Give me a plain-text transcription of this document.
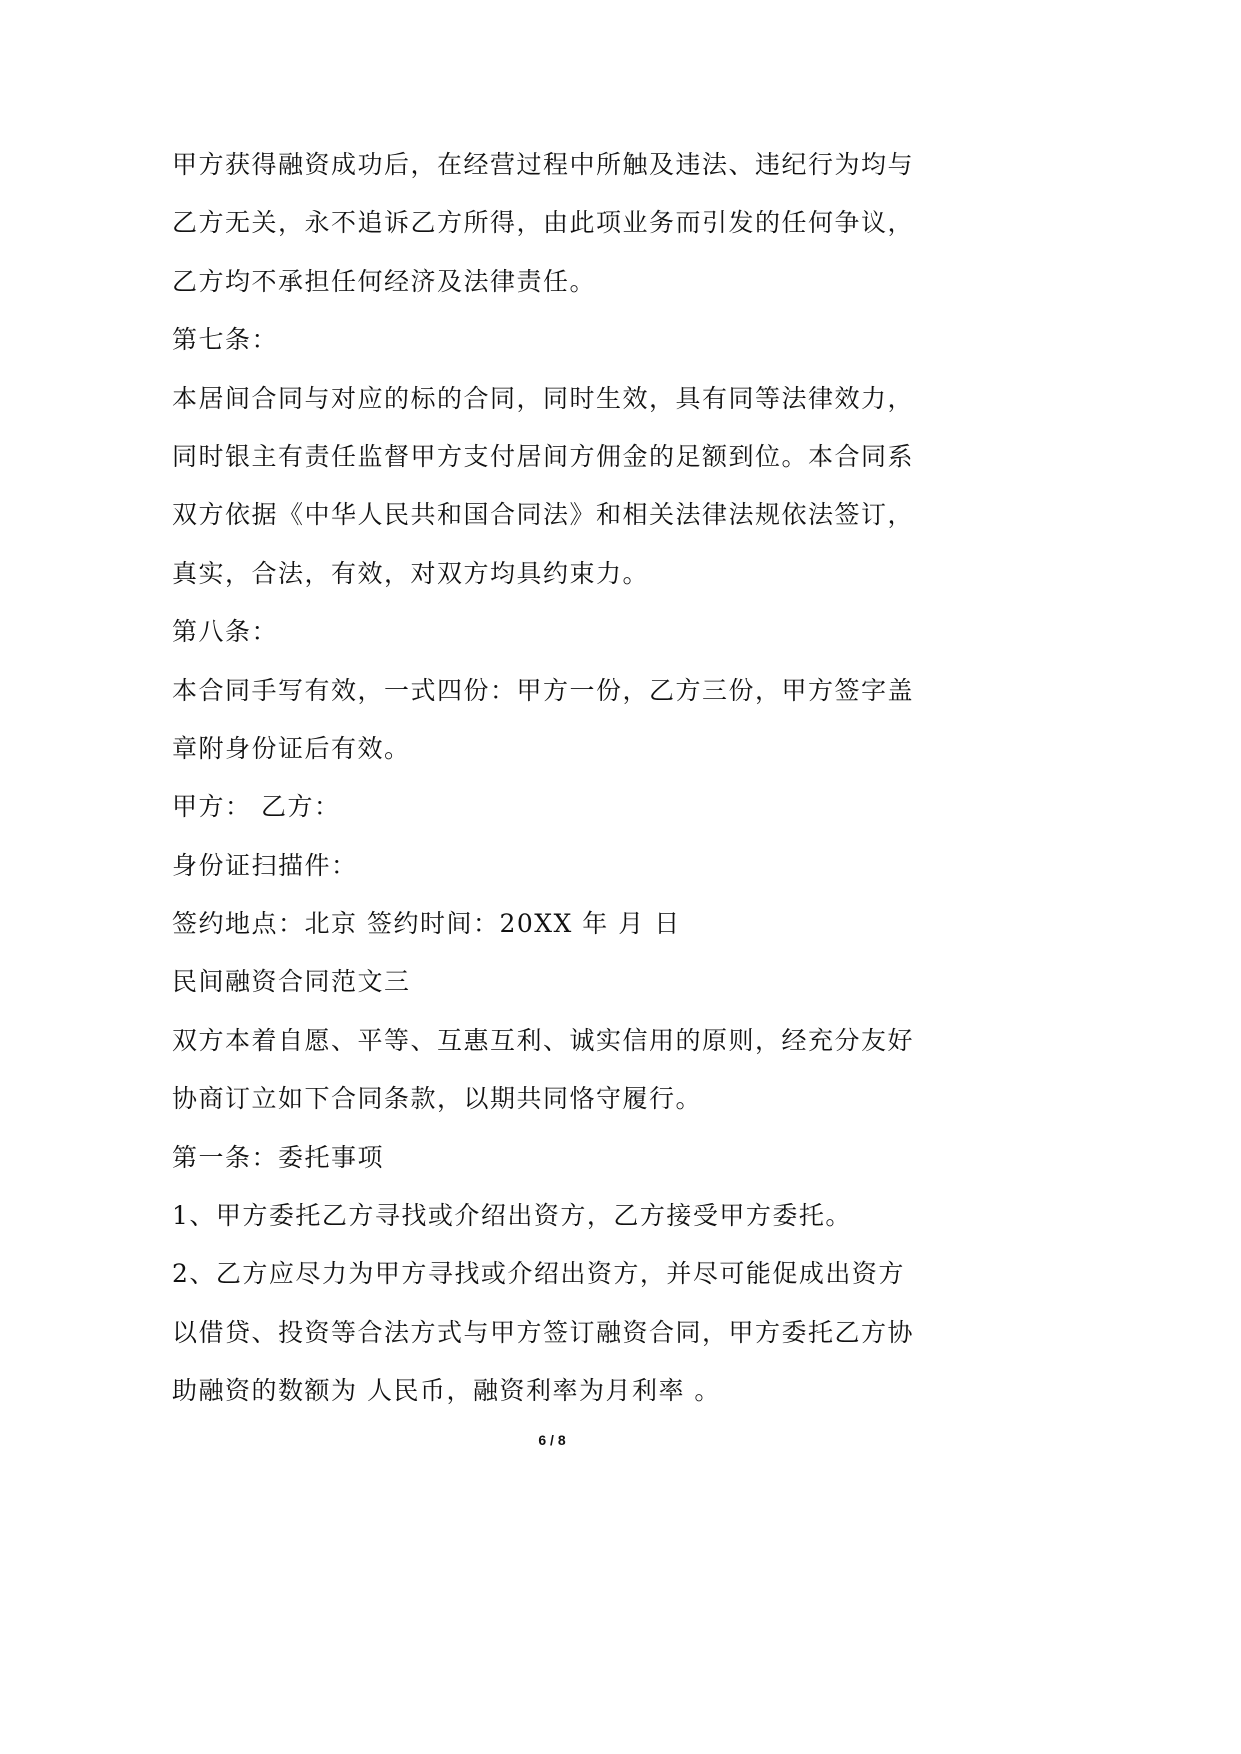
甲方获得融资成功后，在经营过程中所触及违法、违纪行为均与
乙方无关，永不追诉乙方所得，由此项业务而引发的任何争议，
乙方均不承担任何经济及法律责任。
第七条：
本居间合同与对应的标的合同，同时生效，具有同等法律效力，
同时银主有责任监督甲方支付居间方佣金的足额到位。本合同系
双方依据《中华人民共和国合同法》和相关法律法规依法签订，
真实，合法，有效，对双方均具约束力。
第八条：
本合同手写有效，一式四份：甲方一份，乙方三份，甲方签字盖
章附身份证后有效。
甲方： 乙方：
身份证扫描件：
签约地点：北京 签约时间：20XX 年 月 日
民间融资合同范文三
双方本着自愿、平等、互惠互利、诚实信用的原则，经充分友好
协商订立如下合同条款，以期共同恪守履行。
第一条：委托事项
1、甲方委托乙方寻找或介绍出资方，乙方接受甲方委托。
2、乙方应尽力为甲方寻找或介绍出资方，并尽可能促成出资方
以借贷、投资等合法方式与甲方签订融资合同，甲方委托乙方协
助融资的数额为 人民币，融资利率为月利率 。
6 / 8
